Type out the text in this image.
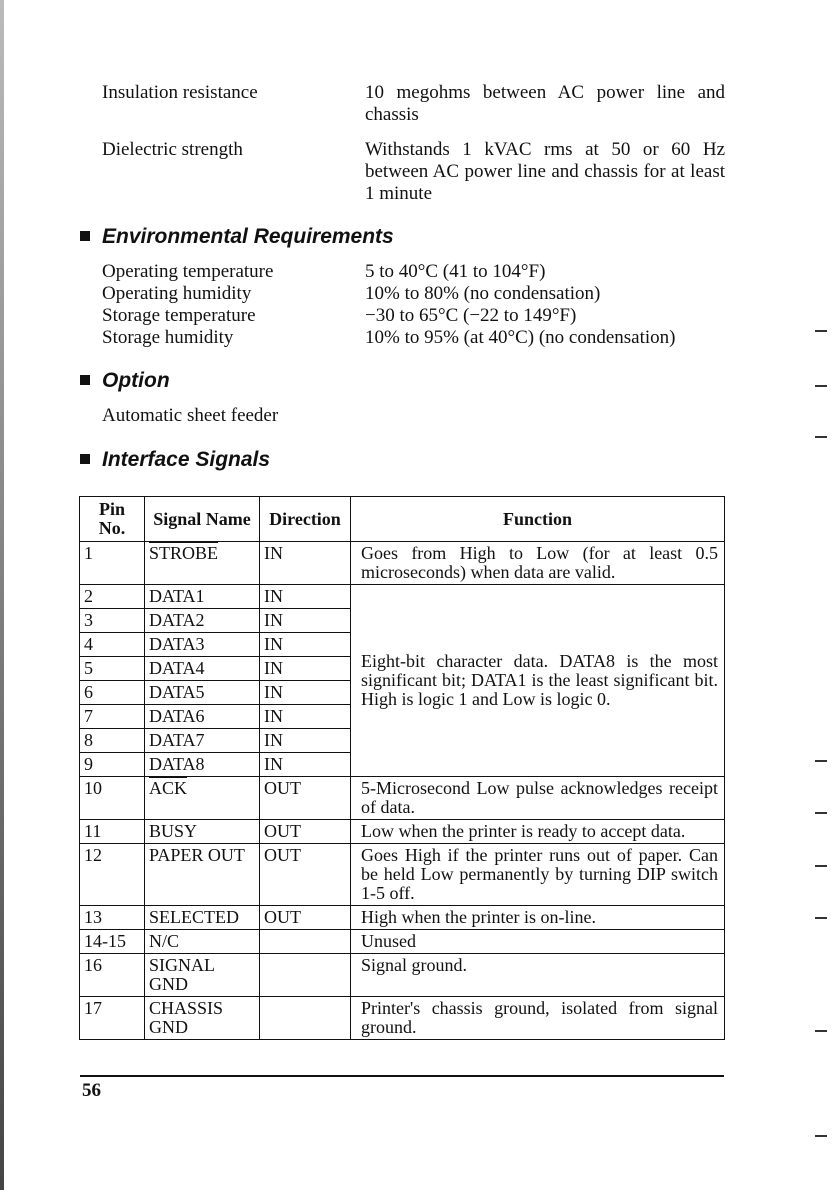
Insulation resistance	10 megohms between AC power line and chassis
Dielectric strength	Withstands 1 kVAC rms at 50 or 60 Hz between AC power line and chassis for at least 1 minute
Environmental Requirements
Operating temperature	5 to 40°C (41 to 104°F)
Operating humidity	10% to 80% (no condensation)
Storage temperature	−30 to 65°C (−22 to 149°F)
Storage humidity	10% to 95% (at 40°C) (no condensation)
Option
Automatic sheet feeder
Interface Signals
Pin No.	Signal Name	Direction	Function
1	STROBE	IN	Goes from High to Low (for at least 0.5 microseconds) when data are valid.
2	DATA1	IN	Eight-bit character data. DATA8 is the most significant bit; DATA1 is the least significant bit. High is logic 1 and Low is logic 0.
3	DATA2	IN	
4	DATA3	IN	
5	DATA4	IN	
6	DATA5	IN	
7	DATA6	IN	
8	DATA7	IN	
9	DATA8	IN	
10	$\overline{ACK}$	OUT	5-Microsecond Low pulse acknowledges receipt of data.
11	BUSY	OUT	Low when the printer is ready to accept data.
12	PAPER OUT	OUT	Goes High if the printer runs out of paper. Can be held Low permanently by turning DIP switch 1-5 off.
13	SELECTED	OUT	High when the printer is on-line.
14-15	N/C		Unused
16	SIGNAL GND		Signal ground.
17	CHASSIS GND		Printer's chassis ground, isolated from signal ground.
56
